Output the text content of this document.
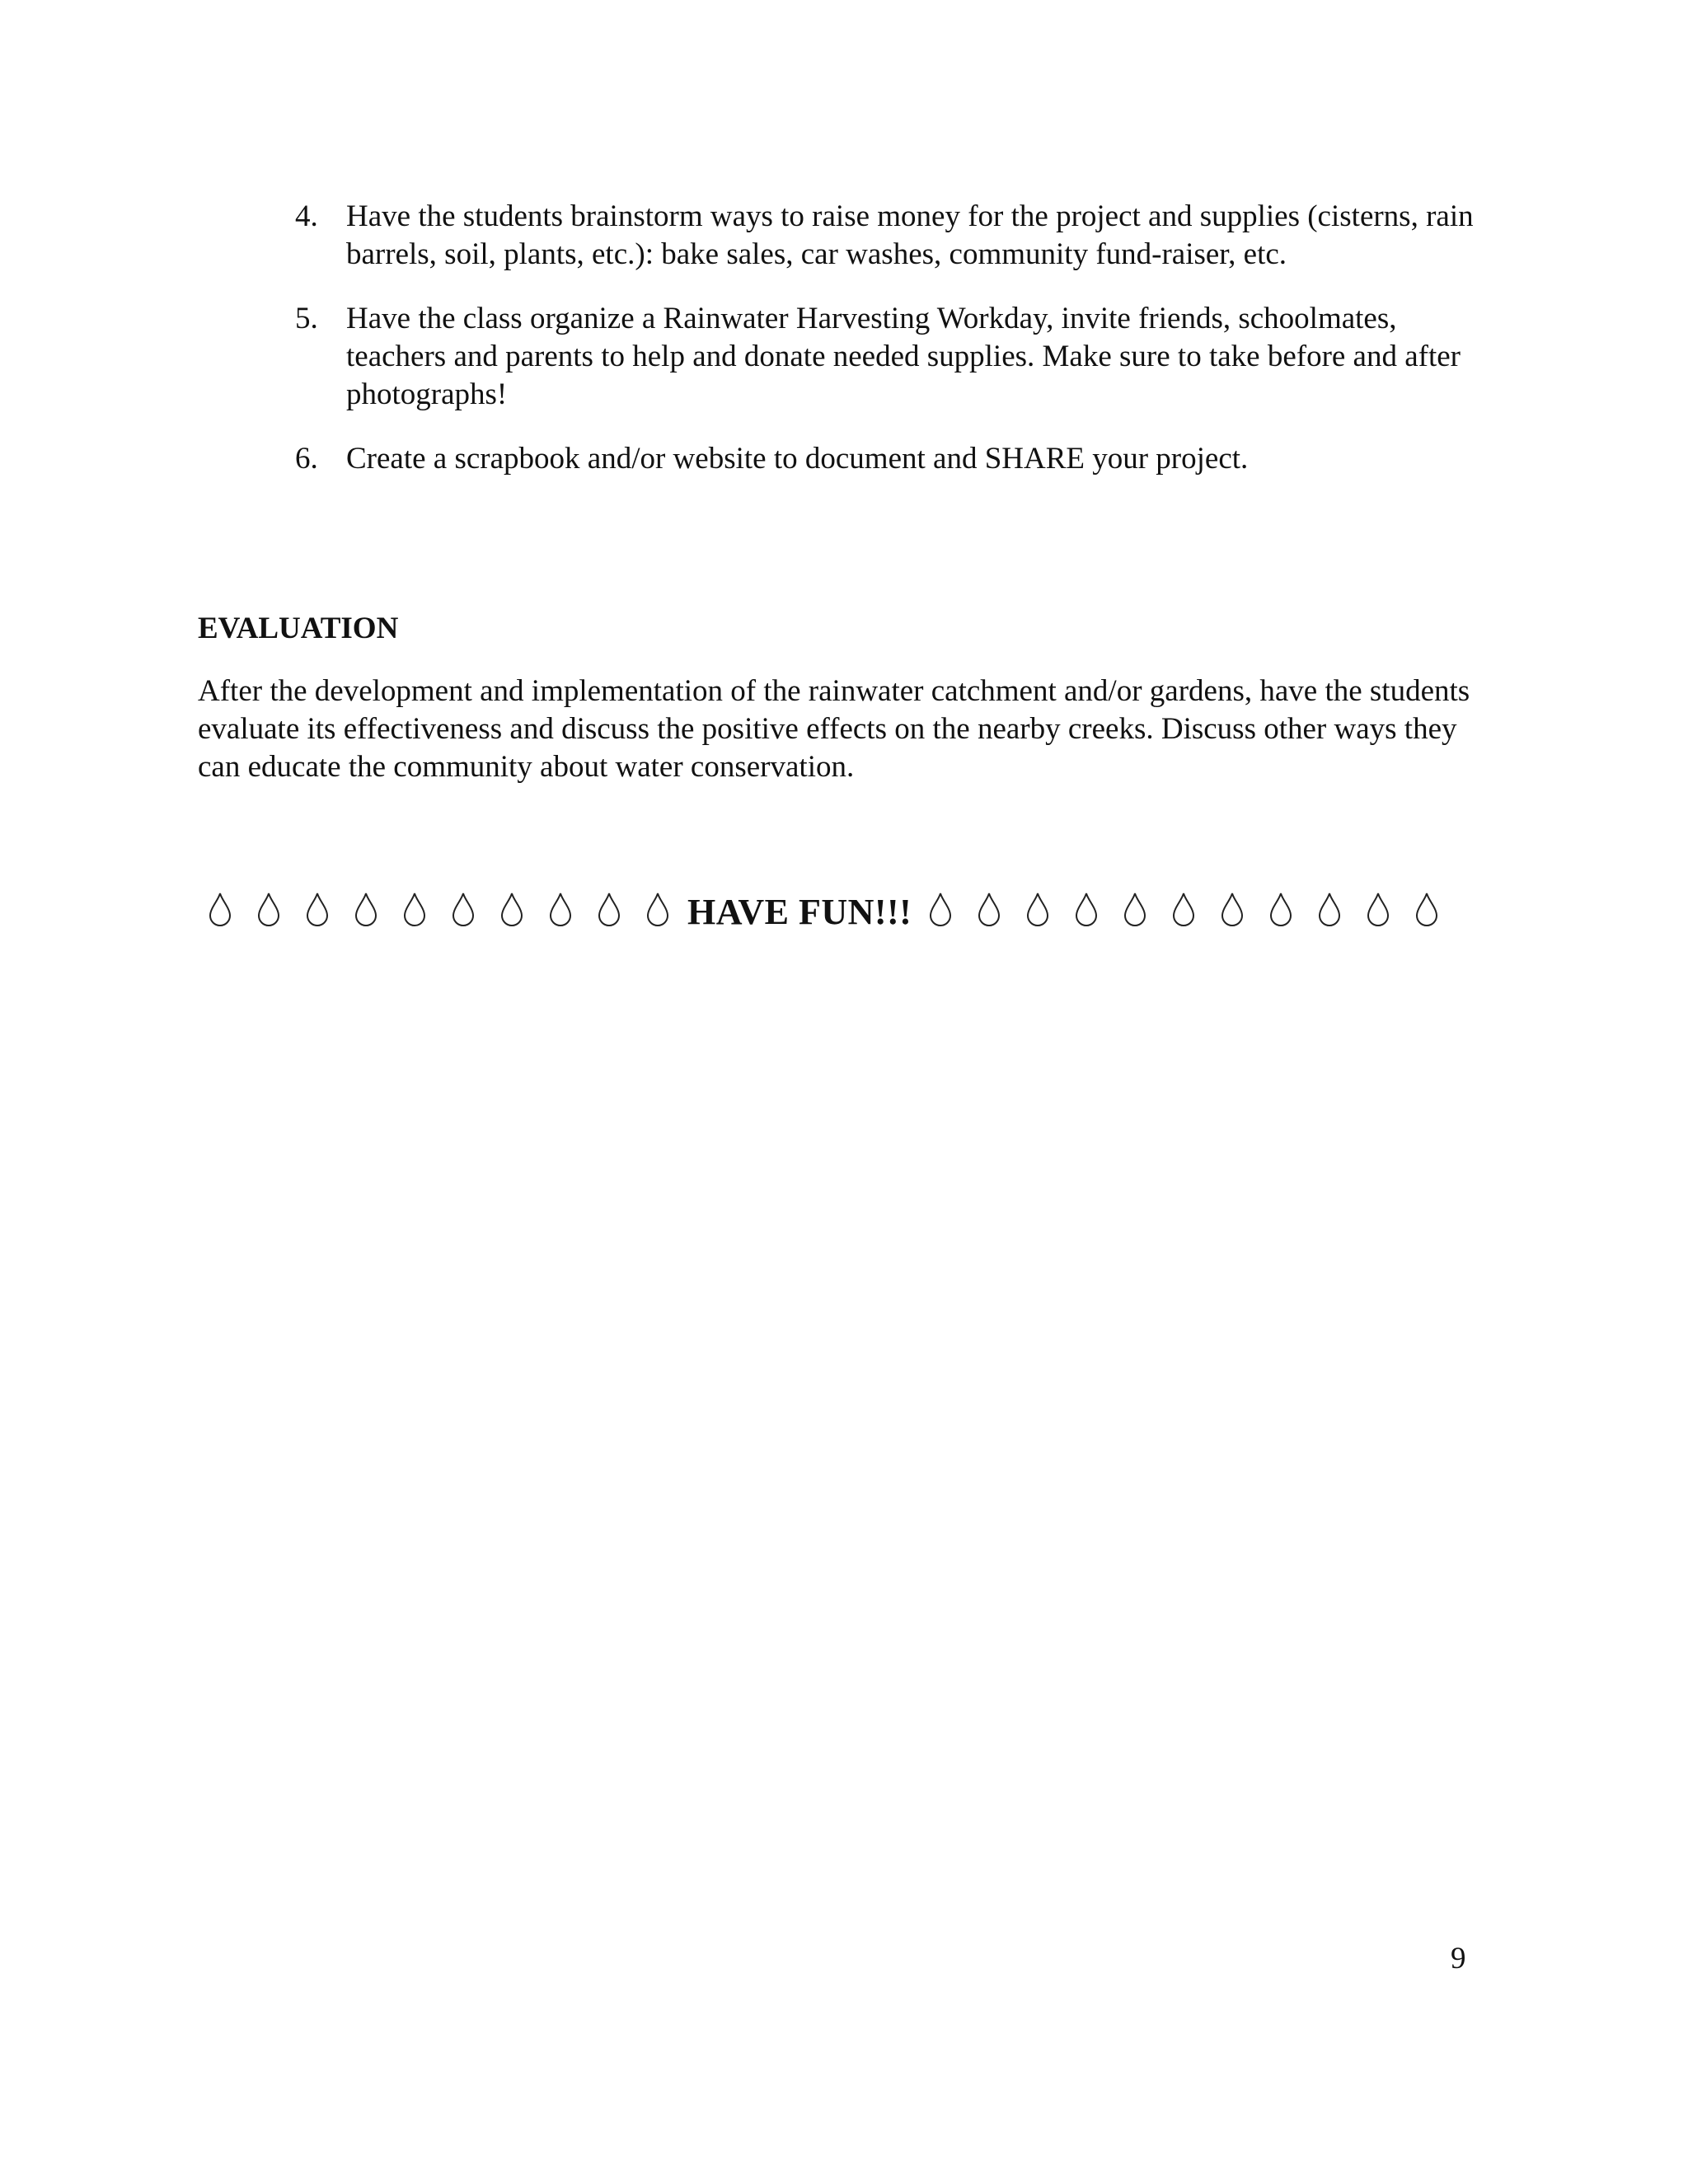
4. Have the students brainstorm ways to raise money for the project and supplies (cisterns, rain barrels, soil, plants, etc.): bake sales, car washes, community fund-raiser, etc.
5. Have the class organize a Rainwater Harvesting Workday, invite friends, schoolmates, teachers and parents to help and donate needed supplies. Make sure to take before and after photographs!
6. Create a scrapbook and/or website to document and SHARE your project.
EVALUATION

After the development and implementation of the rainwater catchment and/or gardens, have the students evaluate its effectiveness and discuss the positive effects on the nearby creeks. Discuss other ways they can educate the community about water conservation.

HAVE FUN!!!
9
